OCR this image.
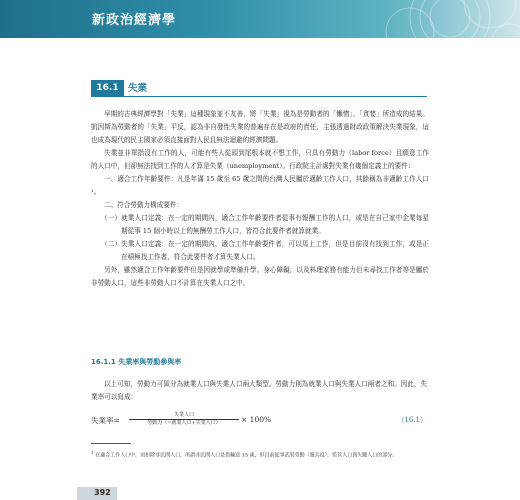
新政治經濟學
16.1 失業

早期的古典經濟學對「失業」這種現象並不友善，將「失業」視為是勞動者的「懶惰」、「貪婪」所造成的結果。凱因斯為勞動者的「失業」平反，認為非自發性失業的普遍存在是政府的責任，主張透過財政政策解決失業現象，這也成為現代的民主國家必須直接面對人民且無法迴避的經濟問題。

失業並非單指沒有工作的人，可能有些人從頭到尾根本就不想工作，只具有勞動力（labor force）且願意工作的人口中，但卻無法找到工作的人才算是失業（unemployment）。行政院主計處對失業有幾個定義上的要件：

一、適合工作年齡要件：凡是年滿 15 歲至 65 歲之間的台灣人民屬於適齡工作人口，其餘稱為非適齡工作人口¹。

二、符合勞動力構成要件：

（一）就業人口定義：在一定的期間內，適合工作年齡要件者從事有報酬工作的人口，或是在自己家中企業每星期從事 15 個小時以上的無酬勞工作人口，皆符合此要件者就算就業。

（二）失業人口定義：在一定的期間內，適合工作年齡要件者，可以馬上工作，但是目前沒有找到工作，或是正在積極找工作者，符合此要件者才算失業人口。

另外，雖然適合工作年齡要件但是因就學或準備升學、身心障礙，以及料理家務有能力但未尋找工作者等是屬於非勞動人口，這些非勞動人口不計算在失業人口之中。

16.1.1 失業率與勞動參與率

以上可知，勞動力可區分為就業人口與失業人口兩大類型。勞動力則為就業人口與失業人口兩者之和。因此，失業率可以寫成：

失業率=
失業人口
勞動力（=就業人口+失業人口）	× 100%	（16.1）
$^1$ 在適合工作人口中，須扣除非民間人口，所謂非民間人口是指輸送 15 歲，但目前從事武裝勞動（服兵役），監管人口與失蹤人口的部分。
392
